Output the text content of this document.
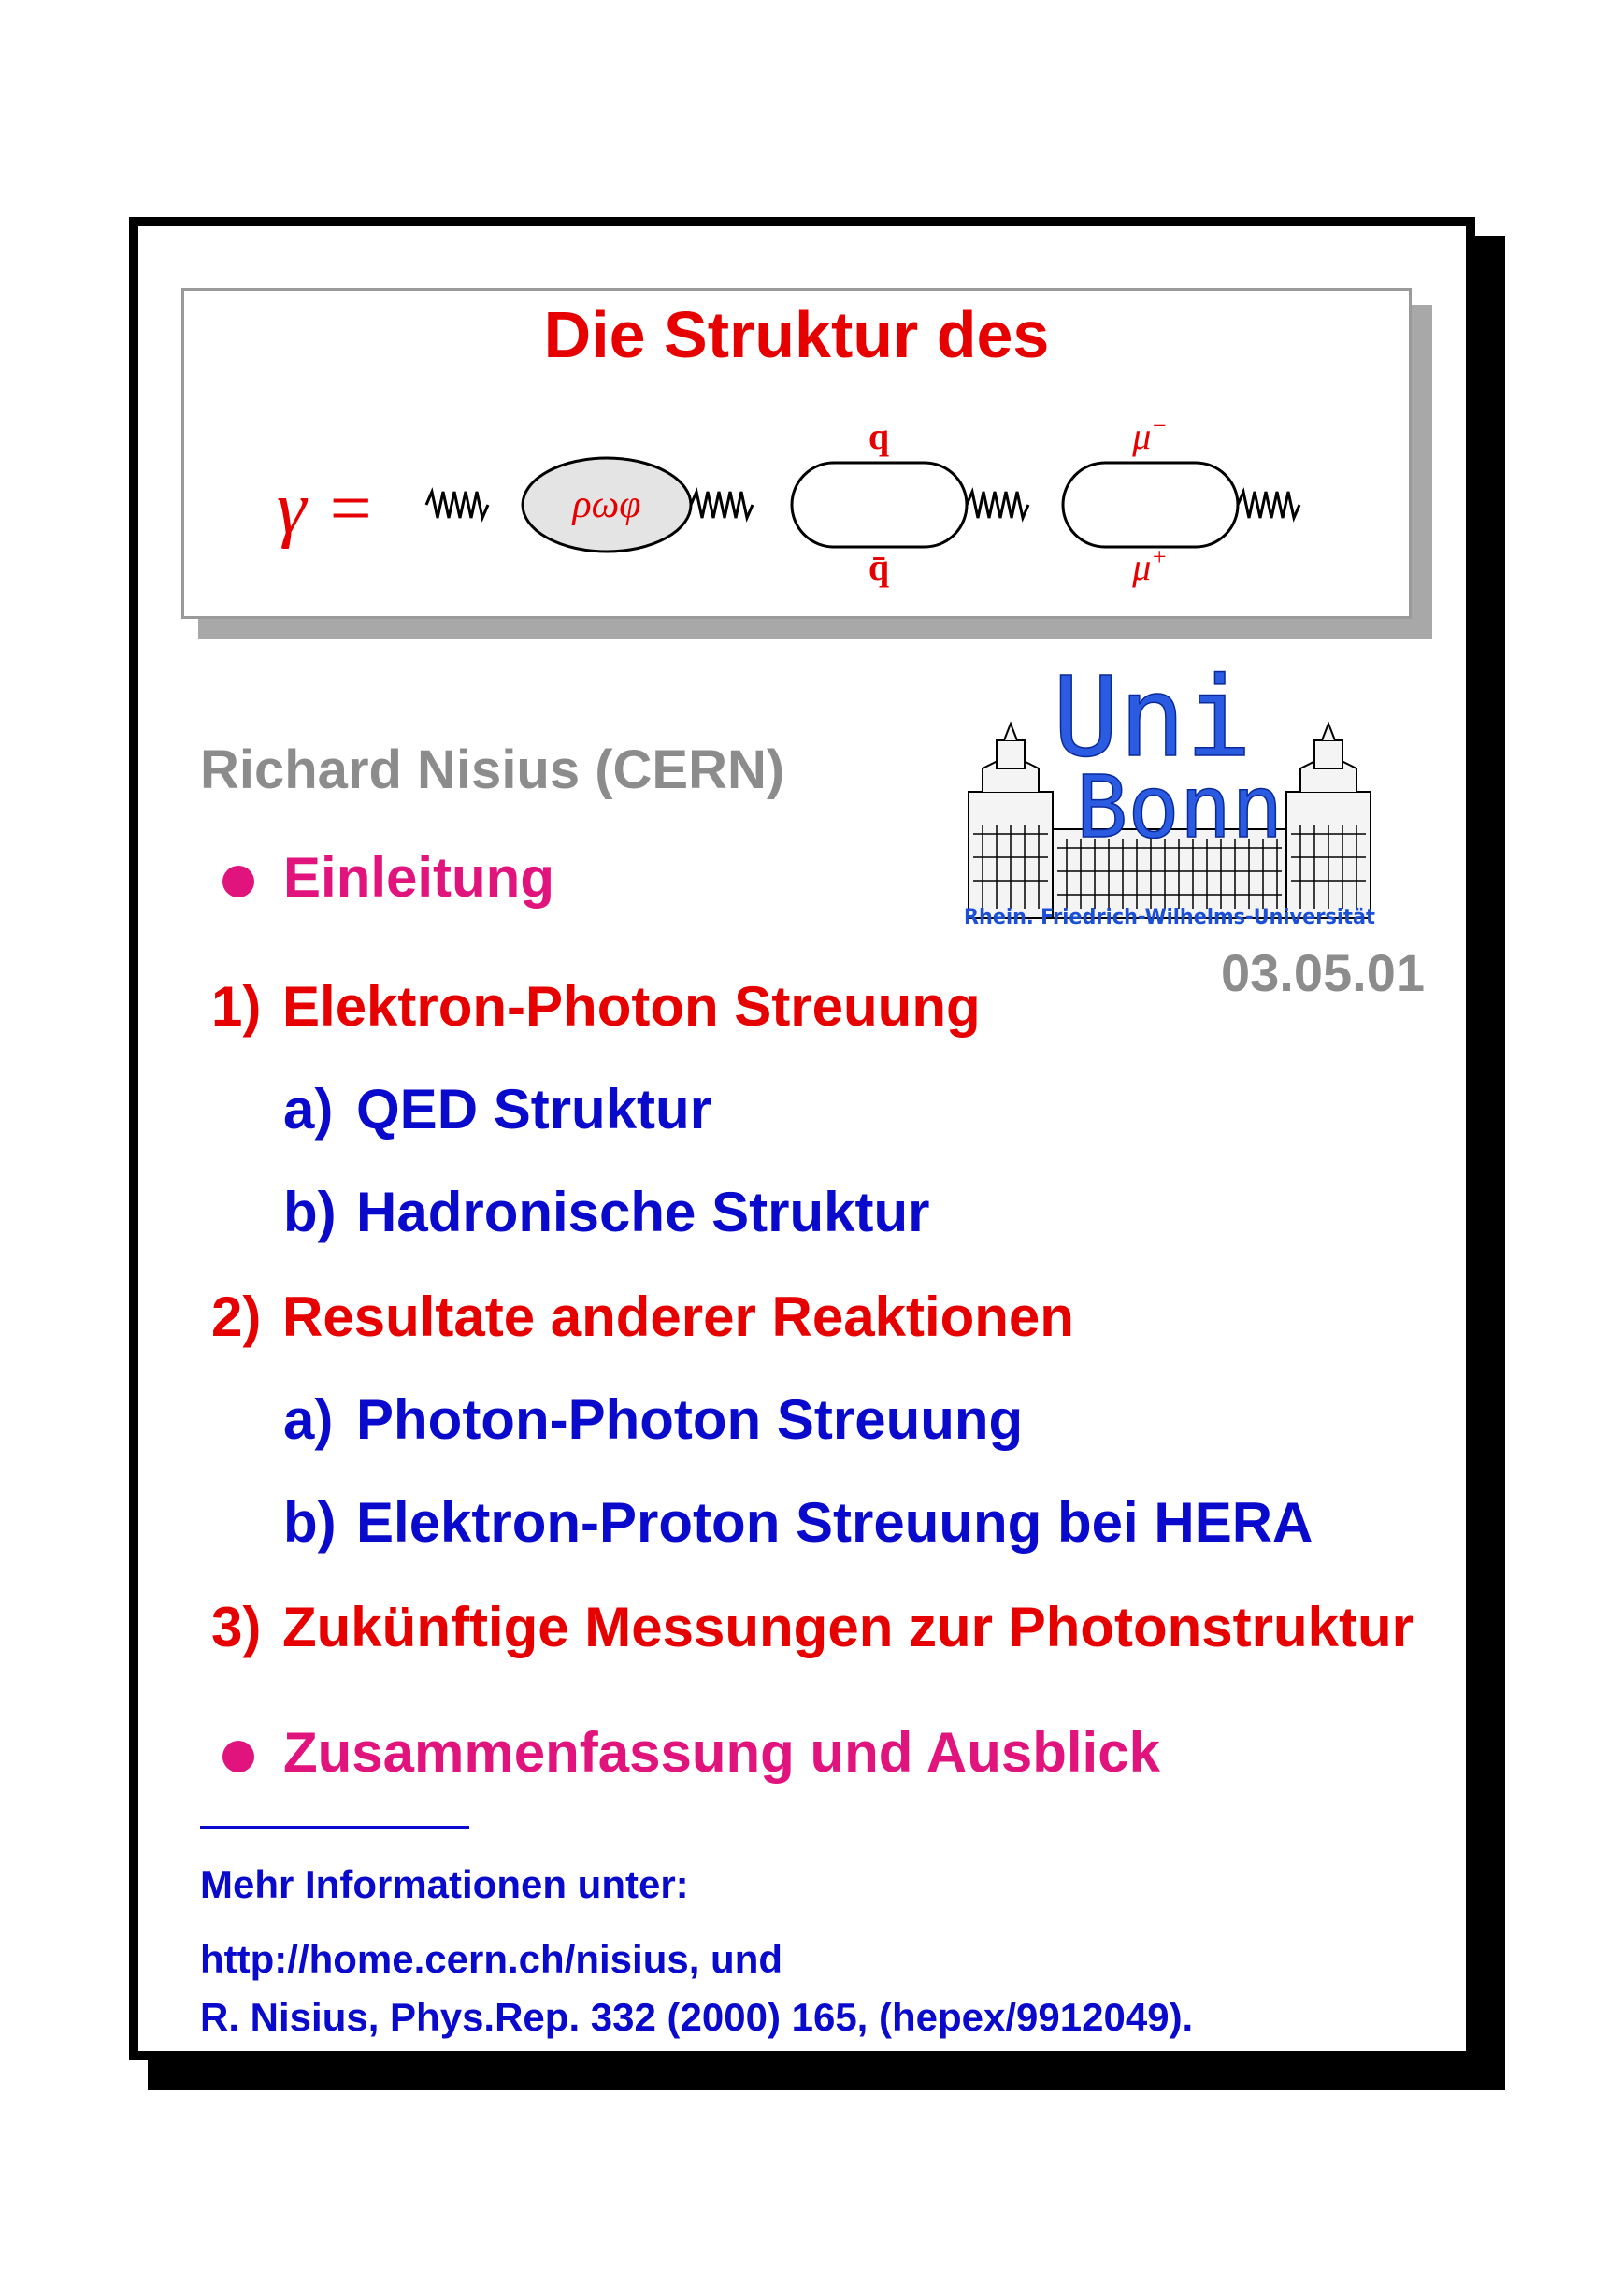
Die Struktur des
γ =	ρωφ
q
q̄
μ−
μ+
Richard Nisius (CERN) Uni
Bonn
Rhein. Friedrich-Wilhelms-Universität
03.05.01
Einleitung
1) Elektron-Photon Streuung
a) QED Struktur
b) Hadronische Struktur
2) Resultate anderer Reaktionen
a) Photon-Photon Streuung
b) Elektron-Proton Streuung bei HERA
3) Zukünftige Messungen zur Photonstruktur
Zusammenfassung und Ausblick
Mehr Informationen unter:
http://home.cern.ch/nisius, und
R. Nisius, Phys.Rep. 332 (2000) 165, (hepex/9912049).
